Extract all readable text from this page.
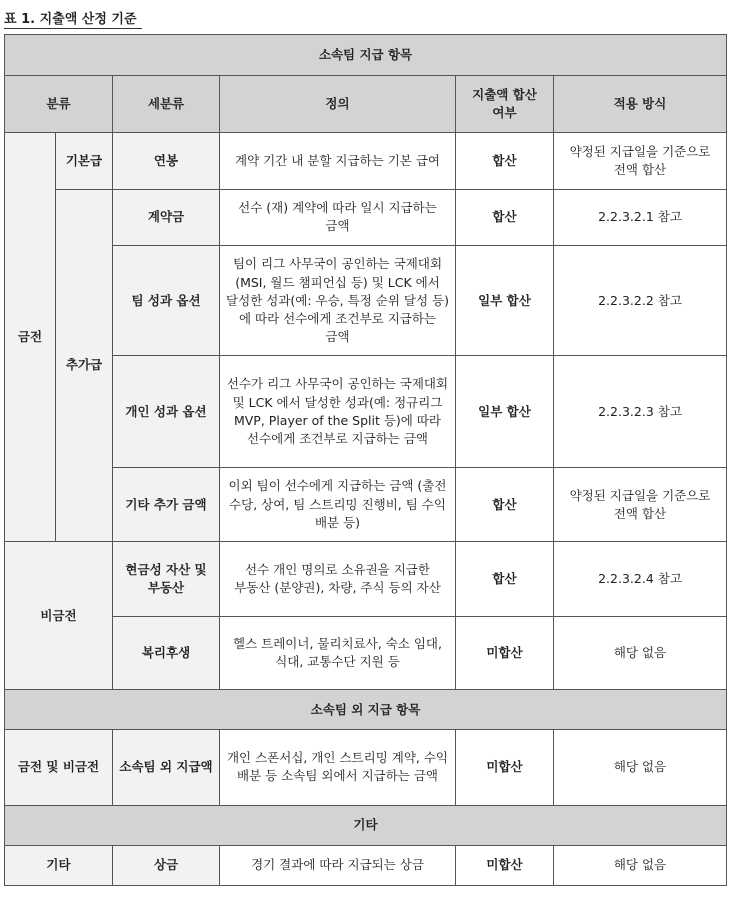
표 1. 지출액 산정 기준
소속팀 지급 항목					
분류		세분류	정의	지출액 합산 여부	적용 방식
금전	기본급	연봉	계약 기간 내 분할 지급하는 기본 급여	합산	약정된 지급일을 기준으로 전액 합산
	추가급	계약금	선수 (재) 계약에 따라 일시 지급하는 금액	합산	2.2.3.2.1 참고
		팀 성과 옵션	팀이 리그 사무국이 공인하는 국제대회(MSI, 월드 챔피언십 등) 및 LCK 에서 달성한 성과(예: 우승, 특정 순위 달성 등)에 따라 선수에게 조건부로 지급하는 금액	일부 합산	2.2.3.2.2 참고
		개인 성과 옵션	선수가 리그 사무국이 공인하는 국제대회 및 LCK 에서 달성한 성과(예: 정규리그 MVP, Player of the Split 등)에 따라 선수에게 조건부로 지급하는 금액	일부 합산	2.2.3.2.3 참고
		기타 추가 금액	이외 팀이 선수에게 지급하는 금액 (출전 수당, 상여, 팀 스트리밍 진행비, 팀 수익 배분 등)	합산	약정된 지급일을 기준으로 전액 합산
비금전		현금성 자산 및 부동산	선수 개인 명의로 소유권을 지급한 부동산 (분양권), 차량, 주식 등의 자산	합산	2.2.3.2.4 참고
		복리후생	헬스 트레이너, 물리치료사, 숙소 임대, 식대, 교통수단 지원 등	미합산	해당 없음
소속팀 외 지급 항목					
금전 및 비금전		소속팀 외 지급액	개인 스폰서십, 개인 스트리밍 계약, 수익 배분 등 소속팀 외에서 지급하는 금액	미합산	해당 없음
기타					
기타		상금	경기 결과에 따라 지급되는 상금	미합산	해당 없음
